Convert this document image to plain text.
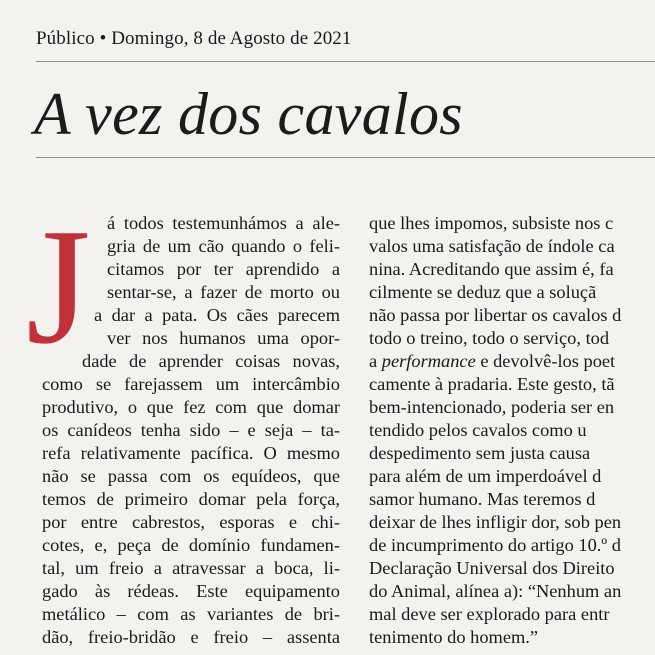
Público • Domingo, 8 de Agosto de 2021
A vez dos cavalos
J á todos testemunhámos a ale-

gria de um cão quando o feli-

citamos por ter aprendido a

sentar-se, a fazer de morto ou

a dar a pata. Os cães parecem

ver nos humanos uma opor-

dade de aprender coisas novas,

como se farejassem um intercâmbio

produtivo, o que fez com que domar

os canídeos tenha sido – e seja – ta-

refa relativamente pacífica. O mesmo

não se passa com os equídeos, que

temos de primeiro domar pela força,

por entre cabrestos, esporas e chi-

cotes, e, peça de domínio fundamen-

tal, um freio a atravessar a boca, li-

gado às rédeas. Este equipamento

metálico – com as variantes de bri-

dão, freio-bridão e freio – assenta

que lhes impomos, subsiste nos c

valos uma satisfação de índole ca

nina. Acreditando que assim é, fa

cilmente se deduz que a soluçã

não passa por libertar os cavalos d

todo o treino, todo o serviço, tod

a performance e devolvê-los poet

camente à pradaria. Este gesto, tã

bem-intencionado, poderia ser en

tendido pelos cavalos como u

despedimento sem justa causa

para além de um imperdoável d

samor humano. Mas teremos d

deixar de lhes infligir dor, sob pen

de incumprimento do artigo 10.º d

Declaração Universal dos Direito

do Animal, alínea a): “Nenhum an

mal deve ser explorado para entr

tenimento do homem.”
